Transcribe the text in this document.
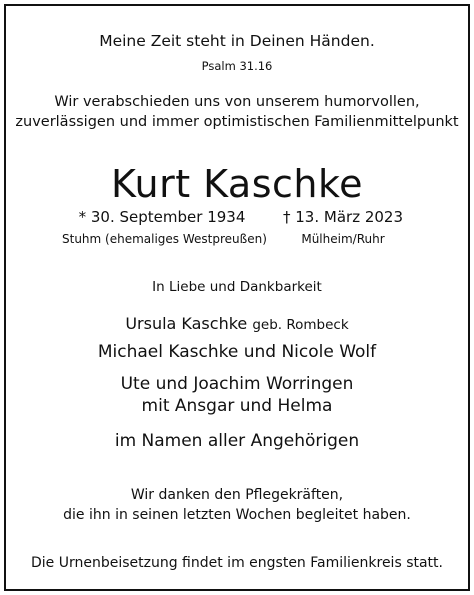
Meine Zeit steht in Deinen Händen.
Psalm 31.16
Wir verabschieden uns von unserem humorvollen,
zuverlässigen und immer optimistischen Familienmittelpunkt
Kurt Kaschke
* 30. September 1934
Stuhm (ehemaliges Westpreußen)
† 13. März 2023
Mülheim/Ruhr
In Liebe und Dankbarkeit
Ursula Kaschke geb. Rombeck
Michael Kaschke und Nicole Wolf
Ute und Joachim Worringen
mit Ansgar und Helma
im Namen aller Angehörigen
Wir danken den Pflegekräften,
die ihn in seinen letzten Wochen begleitet haben.
Die Urnenbeisetzung findet im engsten Familienkreis statt.
